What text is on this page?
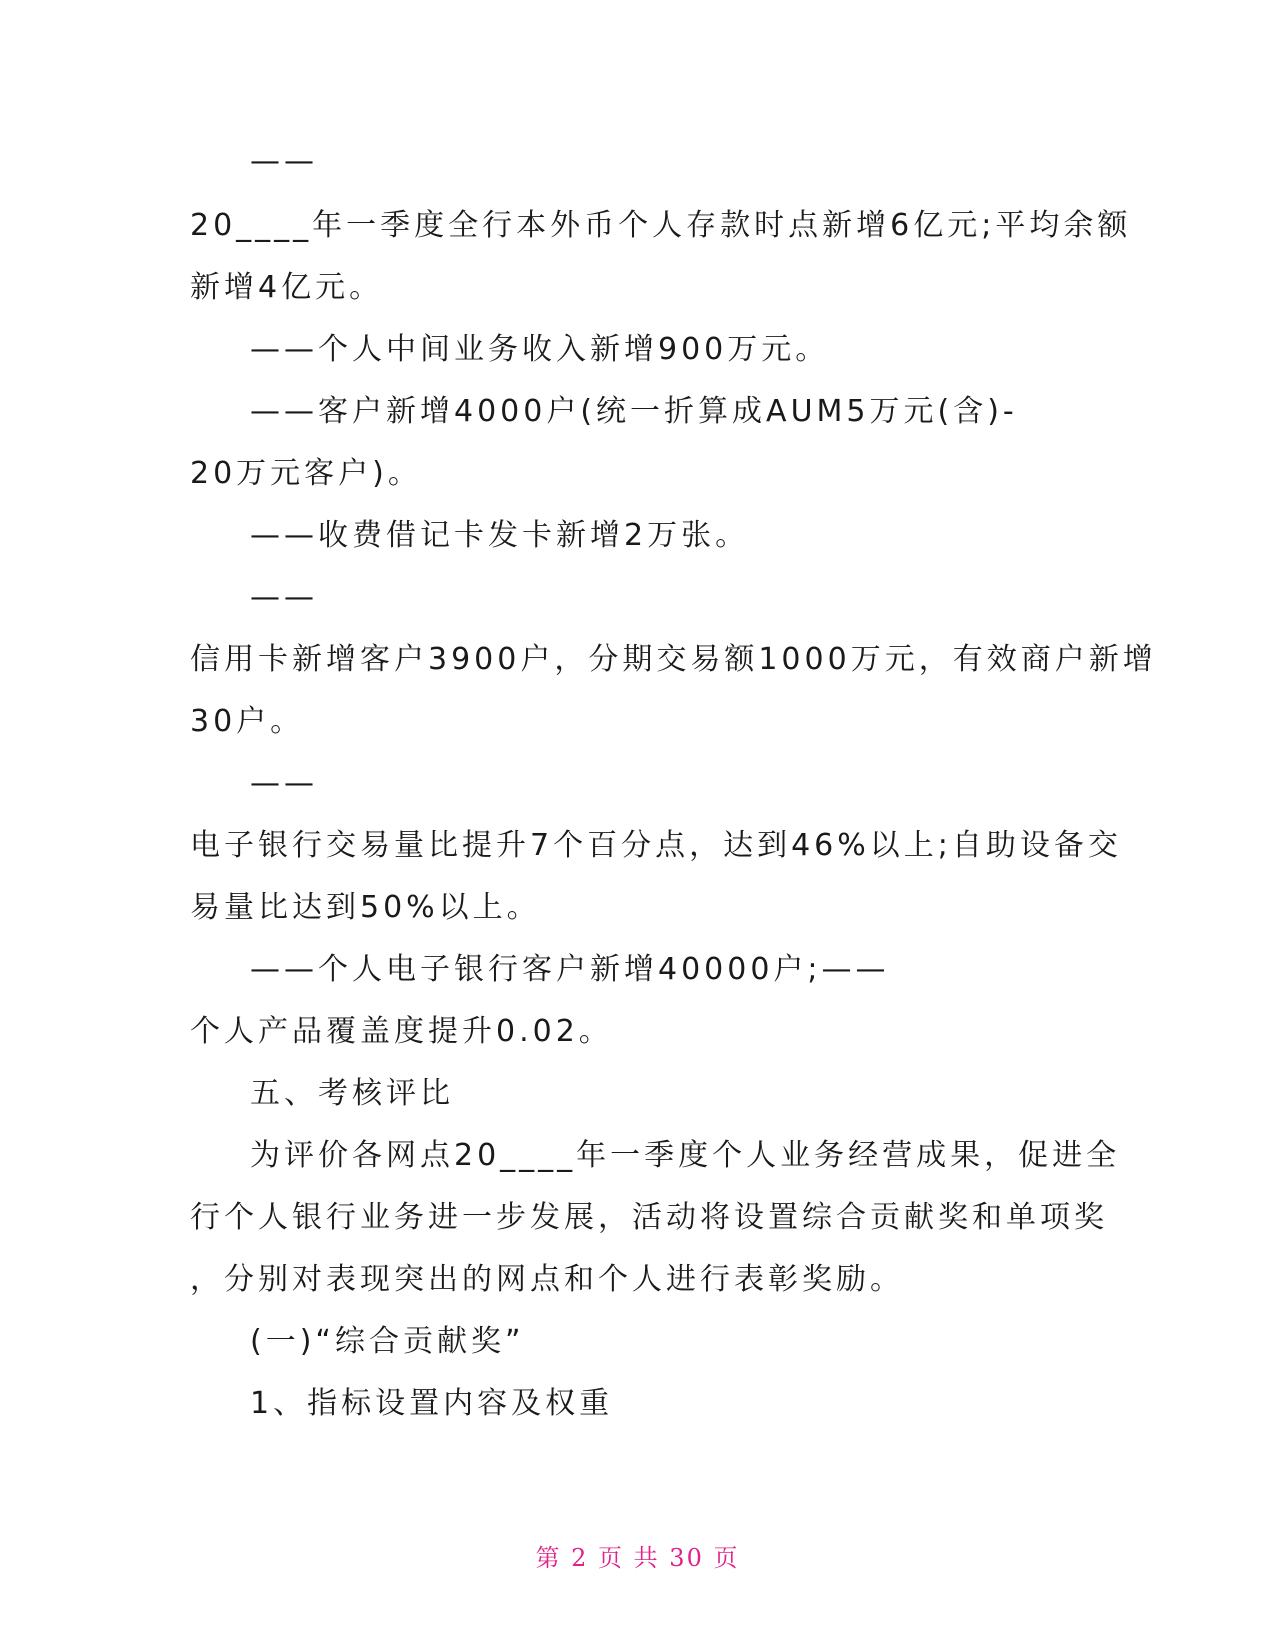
——
20____年一季度全行本外币个人存款时点新增6亿元;平均余额
新增4亿元。
——个人中间业务收入新增900万元。
——客户新增4000户(统一折算成AUM5万元(含)-
20万元客户)。
——收费借记卡发卡新增2万张。
——
信用卡新增客户3900户，分期交易额1000万元，有效商户新增
30户。
——
电子银行交易量比提升7个百分点，达到46%以上;自助设备交
易量比达到50%以上。
——个人电子银行客户新增40000户;——
个人产品覆盖度提升0.02。
五、考核评比
为评价各网点20____年一季度个人业务经营成果，促进全
行个人银行业务进一步发展，活动将设置综合贡献奖和单项奖
，分别对表现突出的网点和个人进行表彰奖励。
(一)“综合贡献奖”
1、指标设置内容及权重
第 2 页 共 30 页
